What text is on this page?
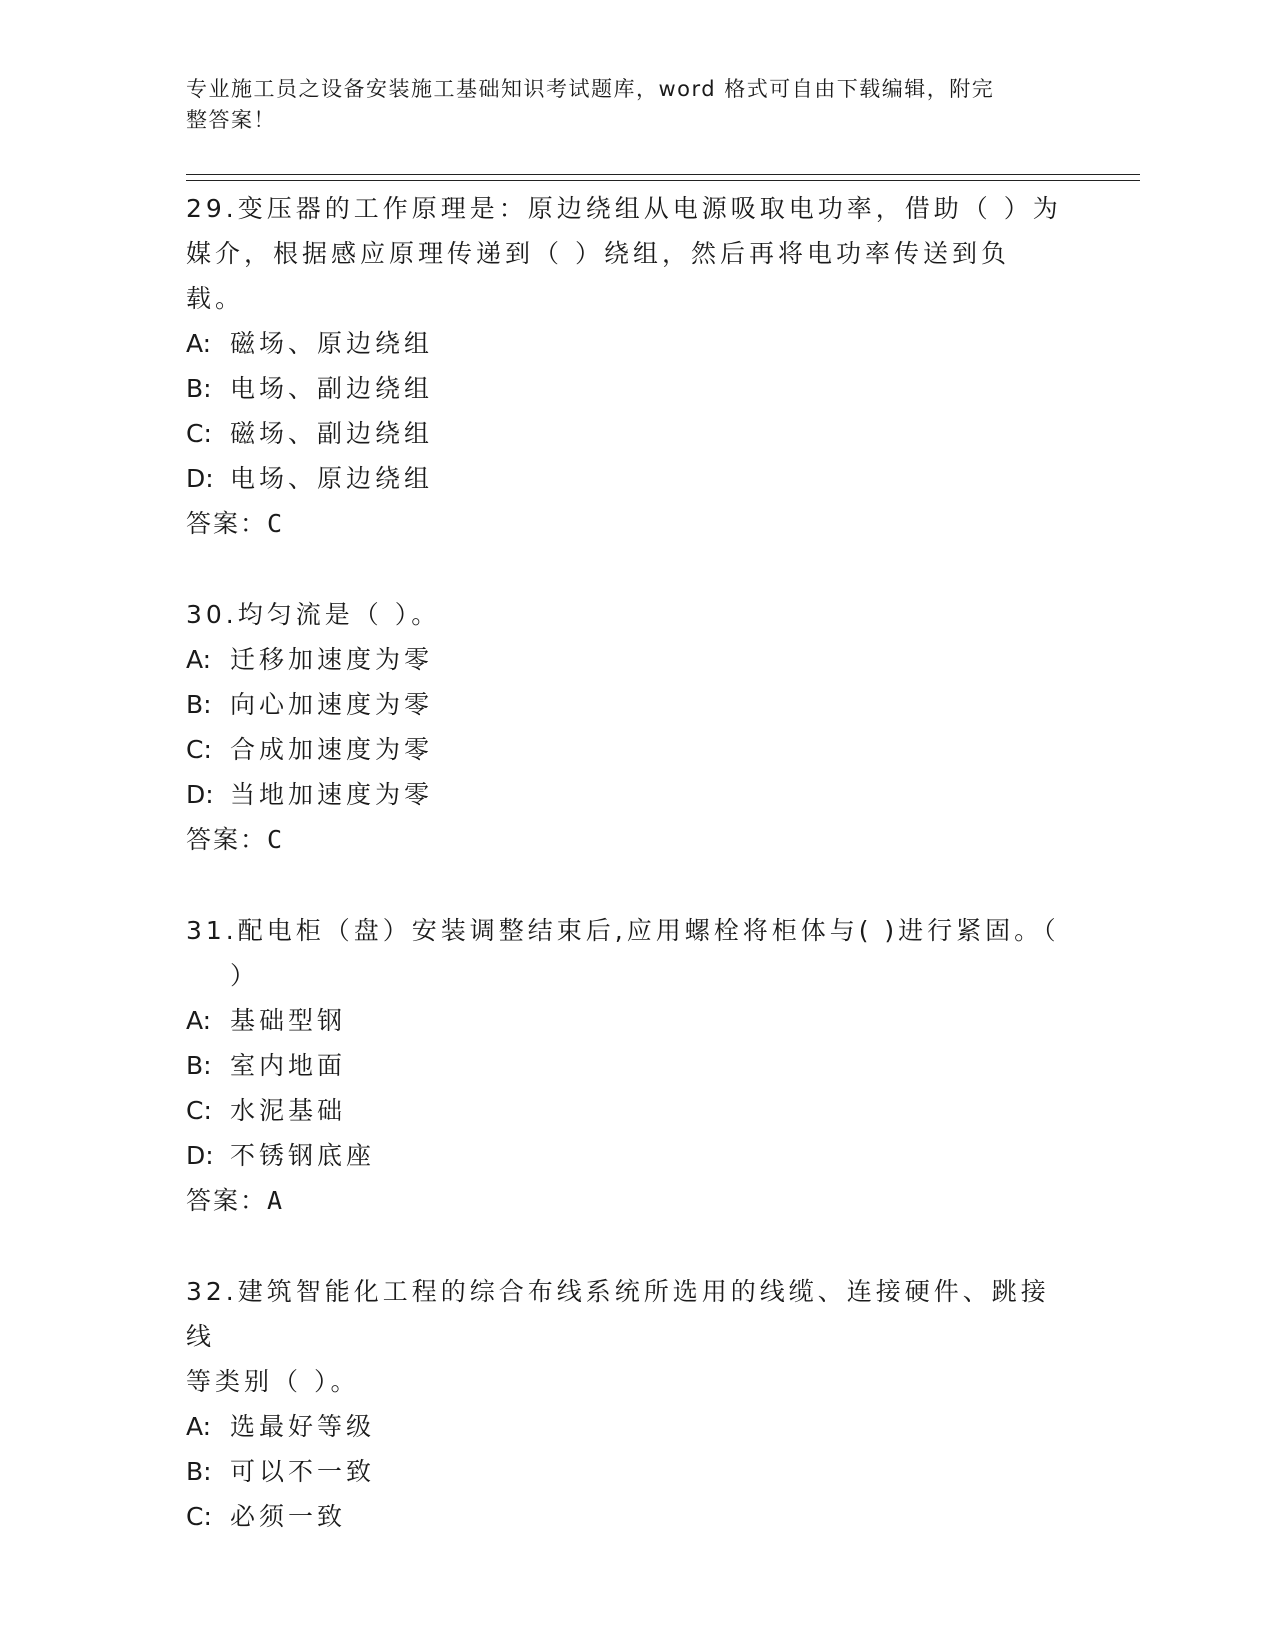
专业施工员之设备安装施工基础知识考试题库，word 格式可自由下载编辑，附完
整答案！
29.变压器的工作原理是：原边绕组从电源吸取电功率，借助（ ）为
媒介，根据感应原理传递到（ ）绕组，然后再将电功率传送到负载。
A: 磁场、原边绕组
B: 电场、副边绕组
C: 磁场、副边绕组
D: 电场、原边绕组
答案：C
30.均匀流是（ ）。
A: 迁移加速度为零
B: 向心加速度为零
C: 合成加速度为零
D: 当地加速度为零
答案：C
31.配电柜（盘）安装调整结束后,应用螺栓将柜体与( )进行紧固。（
）
A: 基础型钢
B: 室内地面
C: 水泥基础
D: 不锈钢底座
答案：A
32.建筑智能化工程的综合布线系统所选用的线缆、连接硬件、跳接线
等类别（ ）。
A: 选最好等级
B: 可以不一致
C: 必须一致
